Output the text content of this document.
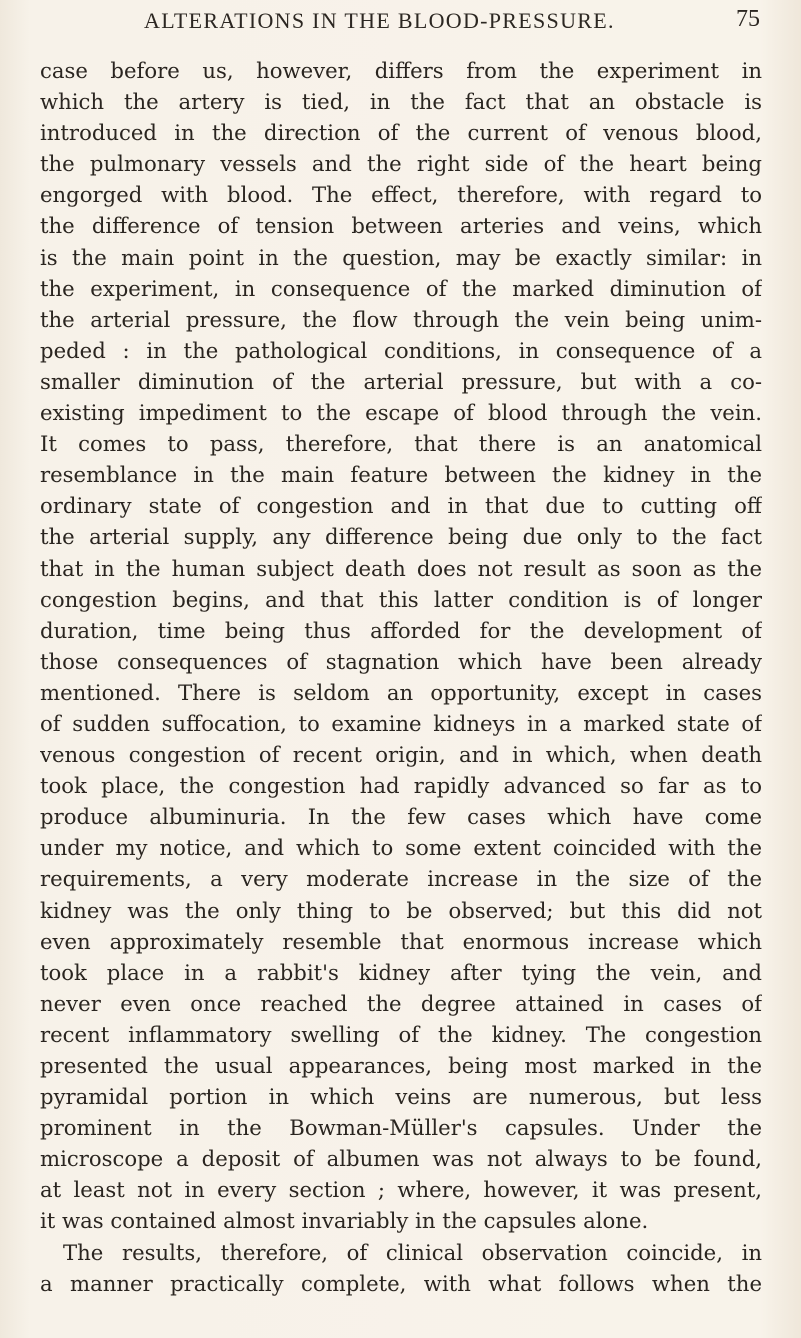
ALTERATIONS IN THE BLOOD-PRESSURE.	75
case before us, however, differs from the experiment in
which the artery is tied, in the fact that an obstacle is
introduced in the direction of the current of venous blood,
the pulmonary vessels and the right side of the heart being
engorged with blood. The effect, therefore, with regard to
the difference of tension between arteries and veins, which
is the main point in the question, may be exactly similar: in
the experiment, in consequence of the marked diminution of
the arterial pressure, the flow through the vein being unim-
peded : in the pathological conditions, in consequence of a
smaller diminution of the arterial pressure, but with a co-
existing impediment to the escape of blood through the vein.
It comes to pass, therefore, that there is an anatomical
resemblance in the main feature between the kidney in the
ordinary state of congestion and in that due to cutting off
the arterial supply, any difference being due only to the fact
that in the human subject death does not result as soon as the
congestion begins, and that this latter condition is of longer
duration, time being thus afforded for the development of
those consequences of stagnation which have been already
mentioned. There is seldom an opportunity, except in cases
of sudden suffocation, to examine kidneys in a marked state of
venous congestion of recent origin, and in which, when death
took place, the congestion had rapidly advanced so far as to
produce albuminuria. In the few cases which have come
under my notice, and which to some extent coincided with the
requirements, a very moderate increase in the size of the
kidney was the only thing to be observed; but this did not
even approximately resemble that enormous increase which
took place in a rabbit's kidney after tying the vein, and
never even once reached the degree attained in cases of
recent inflammatory swelling of the kidney. The congestion
presented the usual appearances, being most marked in the
pyramidal portion in which veins are numerous, but less
prominent in the Bowman-Müller's capsules. Under the
microscope a deposit of albumen was not always to be found,
at least not in every section ; where, however, it was present,
it was contained almost invariably in the capsules alone.
The results, therefore, of clinical observation coincide, in
a manner practically complete, with what follows when the
